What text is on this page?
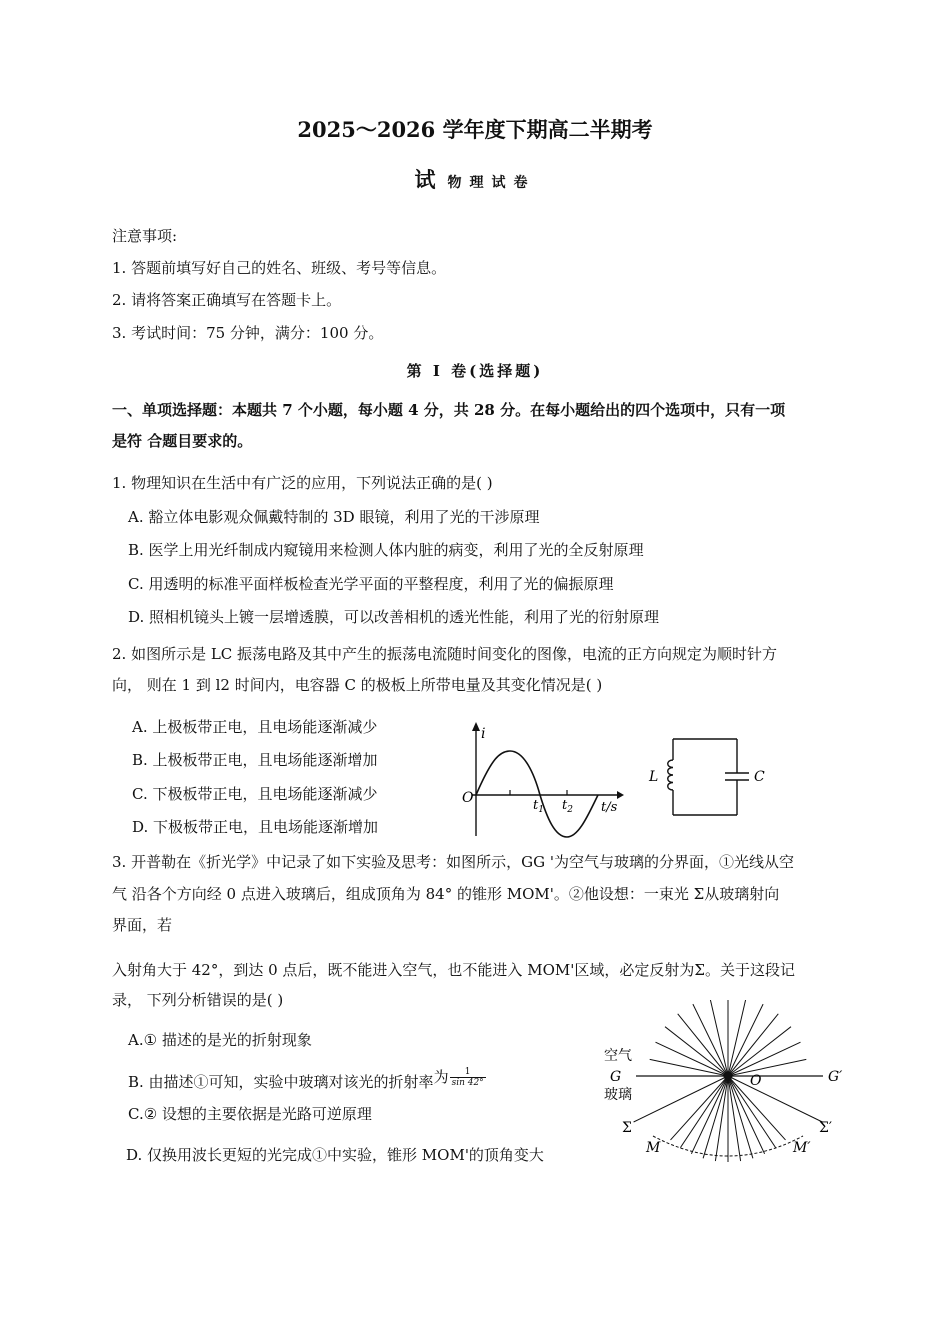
2025～2026 学年度下期高二半期考
试物理试卷
注意事项:
1. 答题前填写好自己的姓名、班级、考号等信息。
2. 请将答案正确填写在答题卡上。
3. 考试时间：75 分钟，满分：100 分。
第 I 卷(选择题)
一、单项选择题：本题共 7 个小题，每小题 4 分，共 28 分。在每小题给出的四个选项中，只有一项
是符 合题目要求的。
1. 物理知识在生活中有广泛的应用，下列说法正确的是( )
A. 豁立体电影观众佩戴特制的 3D 眼镜，利用了光的干涉原理
B. 医学上用光纤制成内窥镜用来检测人体内脏的病变，利用了光的全反射原理
C. 用透明的标准平面样板检查光学平面的平整程度，利用了光的偏振原理
D. 照相机镜头上镀一层增透膜，可以改善相机的透光性能，利用了光的衍射原理
2. 如图所示是 LC 振荡电路及其中产生的振荡电流随时间变化的图像，电流的正方向规定为顺时针方
向， 则在 1 到 l2 时间内，电容器 C 的极板上所带电量及其变化情况是( )
A. 上极板带正电，且电场能逐渐减少
B. 上极板带正电，且电场能逐渐增加
C. 下极板带正电，且电场能逐渐减少
D. 下极板带正电，且电场能逐渐增加
i
O	$t_1$ $t_2$ t/s
L	C
3. 开普勒在《折光学》中记录了如下实验及思考：如图所示，GG '为空气与玻璃的分界面，①光线从空
气 沿各个方向经 0 点进入玻璃后，组成顶角为 84° 的锥形 MOM'。②他设想：一束光 Σ从玻璃射向
界面，若
入射角大于 42°，到达 0 点后，既不能进入空气，也不能进入 MOM'区域，必定反射为Σ。关于这段记
录， 下列分析错误的是( )
A.① 描述的是光的折射现象
B. 由描述①可知，实验中玻璃对该光的折射率为 $\frac{1}{\sin 42^\circ}$
C.② 设想的主要依据是光路可逆原理
D. 仅换用波长更短的光完成①中实验，锥形 MOM'的顶角变大
空气
G
玻璃
O	G′
Σ	Σ′
M	M′
